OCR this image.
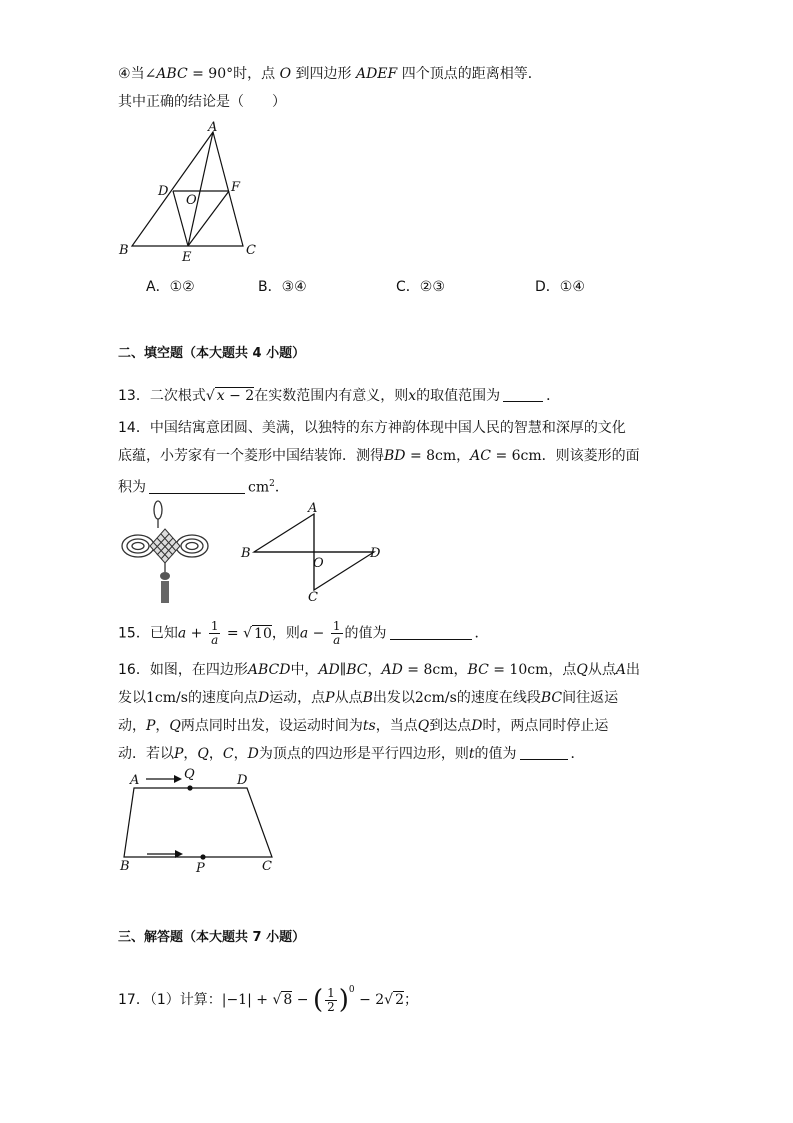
④当∠ABC = 90°时，点 O 到四边形 ADEF 四个顶点的距离相等．
其中正确的结论是（　　）
A
B	C
D
E
F
O
A．①②	B．③④	C．②③	D．①④
二、填空题（本大题共 4 小题）
13．二次根式√ x − 2在实数范围内有意义，则x的取值范围为	．
14．中国结寓意团圆、美满，以独特的东方神韵体现中国人民的智慧和深厚的文化
底蕴，小芳家有一个菱形中国结装饰．测得BD = 8cm，AC = 6cm．则该菱形的面
积为	$cm^2$．
A
B
C
D
O
15．已知$a + \frac{1}{a}$ = √ 10，则$a - \frac{1}{a}$ 的值为	．
16．如图，在四边形ABCD中，AD∥BC，AD = 8cm，BC = 10cm，点Q从点A出
发以1cm/s的速度向点D运动，点P从点B出发以2cm/s的速度在线段BC间往返运
动，P，Q两点同时出发，设运动时间为ts，当点Q到达点D时，两点同时停止运
动．若以P，Q，C，D为顶点的四边形是平行四边形，则t的值为	．
A	Q	D
B	P	C
三、解答题（本大题共 7 小题）
17．（1）计算：|−1| + √ 8 − ( $\frac{1}{2} )^0 - 2√$ 2；
